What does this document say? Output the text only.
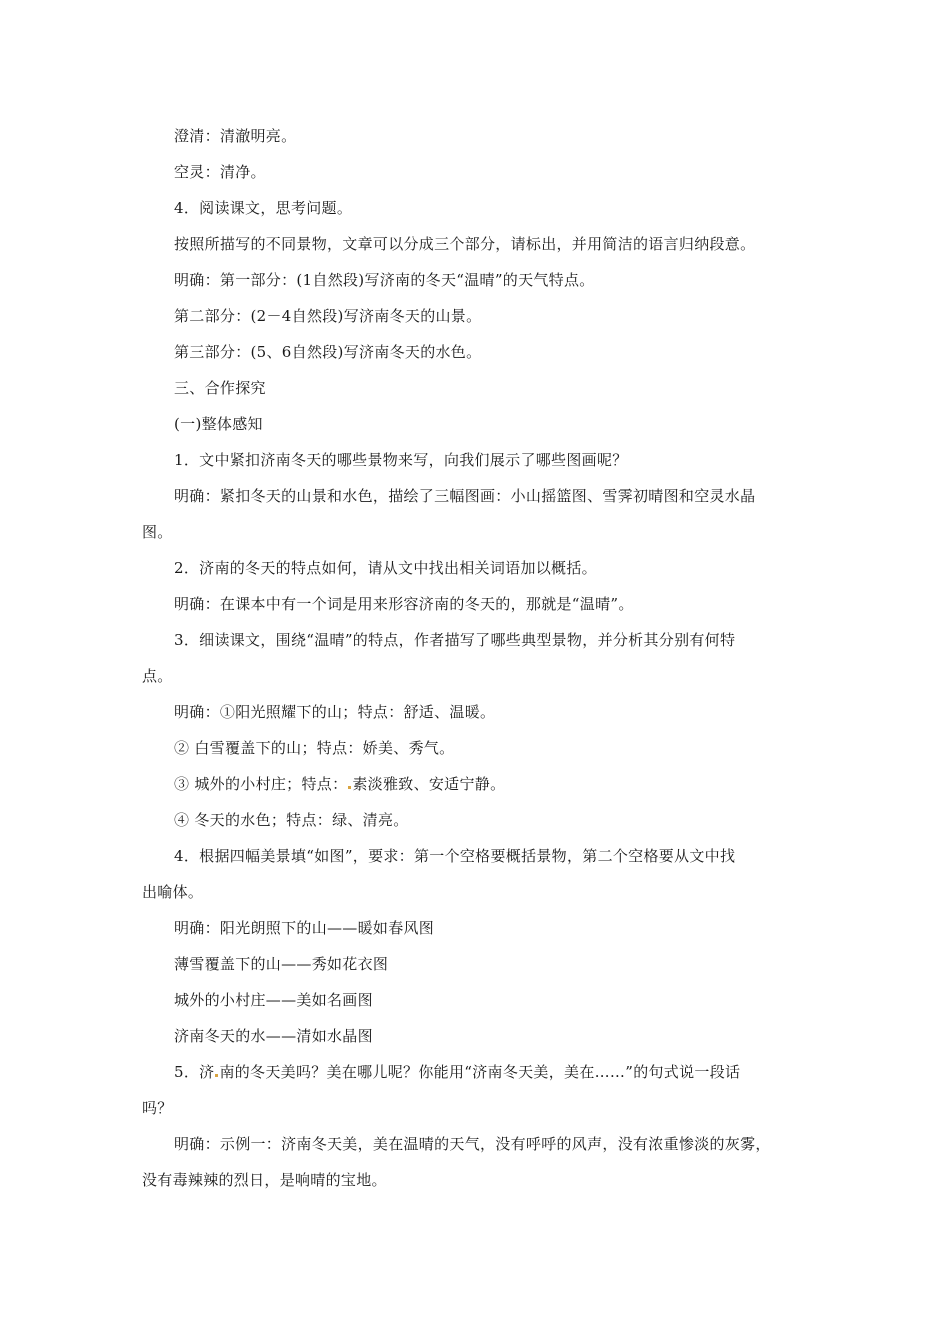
澄清：清澈明亮。
空灵：清净。
4．阅读课文，思考问题。
按照所描写的不同景物，文章可以分成三个部分，请标出，并用简洁的语言归纳段意。
明确：第一部分：(1自然段)写济南的冬天“温晴”的天气特点。
第二部分：(2－4自然段)写济南冬天的山景。
第三部分：(5、6自然段)写济南冬天的水色。
三、合作探究
(一)整体感知
1．文中紧扣济南冬天的哪些景物来写，向我们展示了哪些图画呢？
明确：紧扣冬天的山景和水色，描绘了三幅图画：小山摇篮图、雪霁初晴图和空灵水晶
图。
2．济南的冬天的特点如何，请从文中找出相关词语加以概括。
明确：在课本中有一个词是用来形容济南的冬天的，那就是“温晴”。
3．细读课文，围绕“温晴”的特点，作者描写了哪些典型景物，并分析其分别有何特
点。
明确：①阳光照耀下的山；特点：舒适、温暖。
② 白雪覆盖下的山；特点：娇美、秀气。
③ 城外的小村庄；特点： 素淡雅致、安适宁静。
④ 冬天的水色；特点：绿、清亮。
4．根据四幅美景填“如图”，要求：第一个空格要概括景物，第二个空格要从文中找
出喻体。
明确：阳光朗照下的山——暖如春风图
薄雪覆盖下的山——秀如花衣图
城外的小村庄——美如名画图
济南冬天的水——清如水晶图
5．济 南的冬天美吗？美在哪儿呢？你能用“济南冬天美，美在……”的句式说一段话
吗？
明确：示例一：济南冬天美，美在温晴的天气，没有呼呼的风声，没有浓重惨淡的灰雾，
没有毒辣辣的烈日，是响晴的宝地。
